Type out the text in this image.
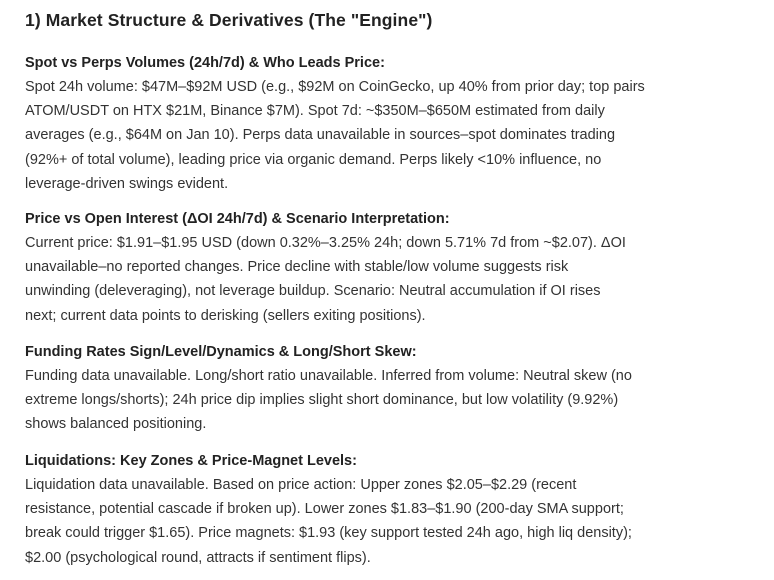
1) Market Structure & Derivatives (The "Engine")

Spot vs Perps Volumes (24h/7d) & Who Leads Price:

Spot 24h volume: $47M–$92M USD (e.g., $92M on CoinGecko, up 40% from prior day; top pairs
ATOM/USDT on HTX $21M, Binance $7M). Spot 7d: ~$350M–$650M estimated from daily
averages (e.g., $64M on Jan 10). Perps data unavailable in sources–spot dominates trading
(92%+ of total volume), leading price via organic demand. Perps likely <10% influence, no
leverage-driven swings evident.

Price vs Open Interest (ΔOI 24h/7d) & Scenario Interpretation:

Current price: $1.91–$1.95 USD (down 0.32%–3.25% 24h; down 5.71% 7d from ~$2.07). ΔOI
unavailable–no reported changes. Price decline with stable/low volume suggests risk
unwinding (deleveraging), not leverage buildup. Scenario: Neutral accumulation if OI rises
next; current data points to derisking (sellers exiting positions).

Funding Rates Sign/Level/Dynamics & Long/Short Skew:

Funding data unavailable. Long/short ratio unavailable. Inferred from volume: Neutral skew (no
extreme longs/shorts); 24h price dip implies slight short dominance, but low volatility (9.92%)
shows balanced positioning.

Liquidations: Key Zones & Price-Magnet Levels:

Liquidation data unavailable. Based on price action: Upper zones $2.05–$2.29 (recent
resistance, potential cascade if broken up). Lower zones $1.83–$1.90 (200-day SMA support;
break could trigger $1.65). Price magnets: $1.93 (key support tested 24h ago, high liq density);
$2.00 (psychological round, attracts if sentiment flips).
